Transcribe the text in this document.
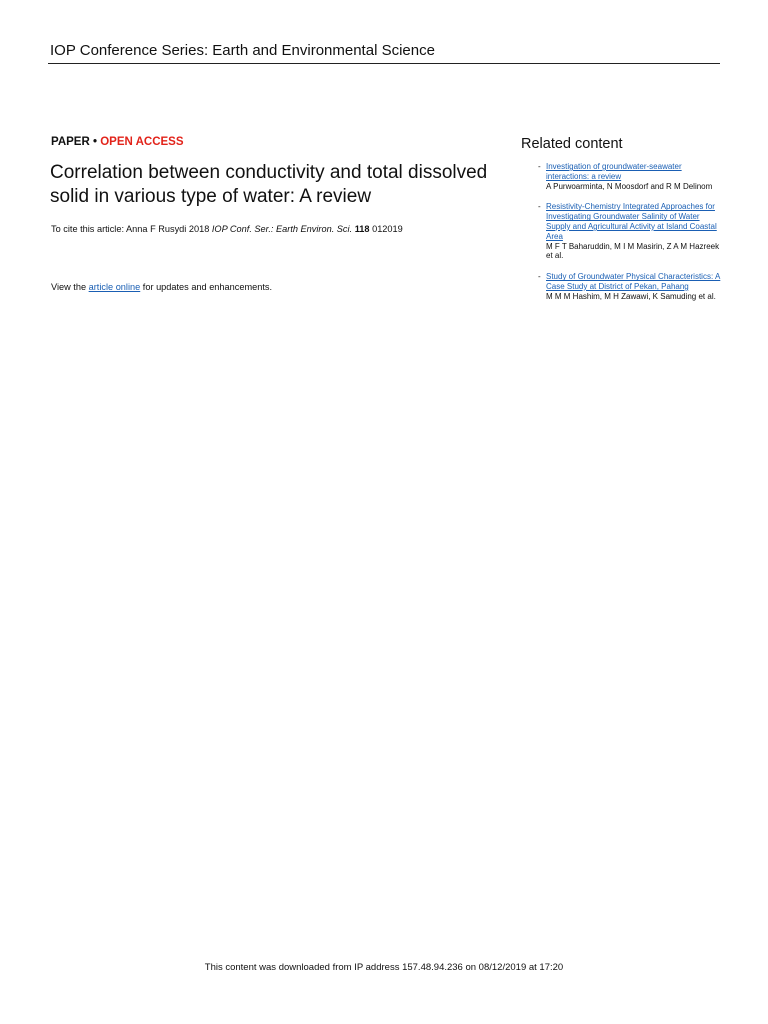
IOP Conference Series: Earth and Environmental Science
PAPER • OPEN ACCESS
Correlation between conductivity and total dissolved solid in various type of water: A review
To cite this article: Anna F Rusydi 2018 IOP Conf. Ser.: Earth Environ. Sci. 118 012019
View the article online for updates and enhancements.
Related content
- Investigation of groundwater-seawater interactions: a review
A Purwoarminta, N Moosdorf and R M Delinom
- Resistivity-Chemistry Integrated Approaches for Investigating Groundwater Salinity of Water Supply and Agricultural Activity at Island Coastal Area
M F T Baharuddin, M I M Masirin, Z A M Hazreek et al.
- Study of Groundwater Physical Characteristics: A Case Study at District of Pekan, Pahang
M M M Hashim, M H Zawawi, K Samuding et al.
This content was downloaded from IP address 157.48.94.236 on 08/12/2019 at 17:20
